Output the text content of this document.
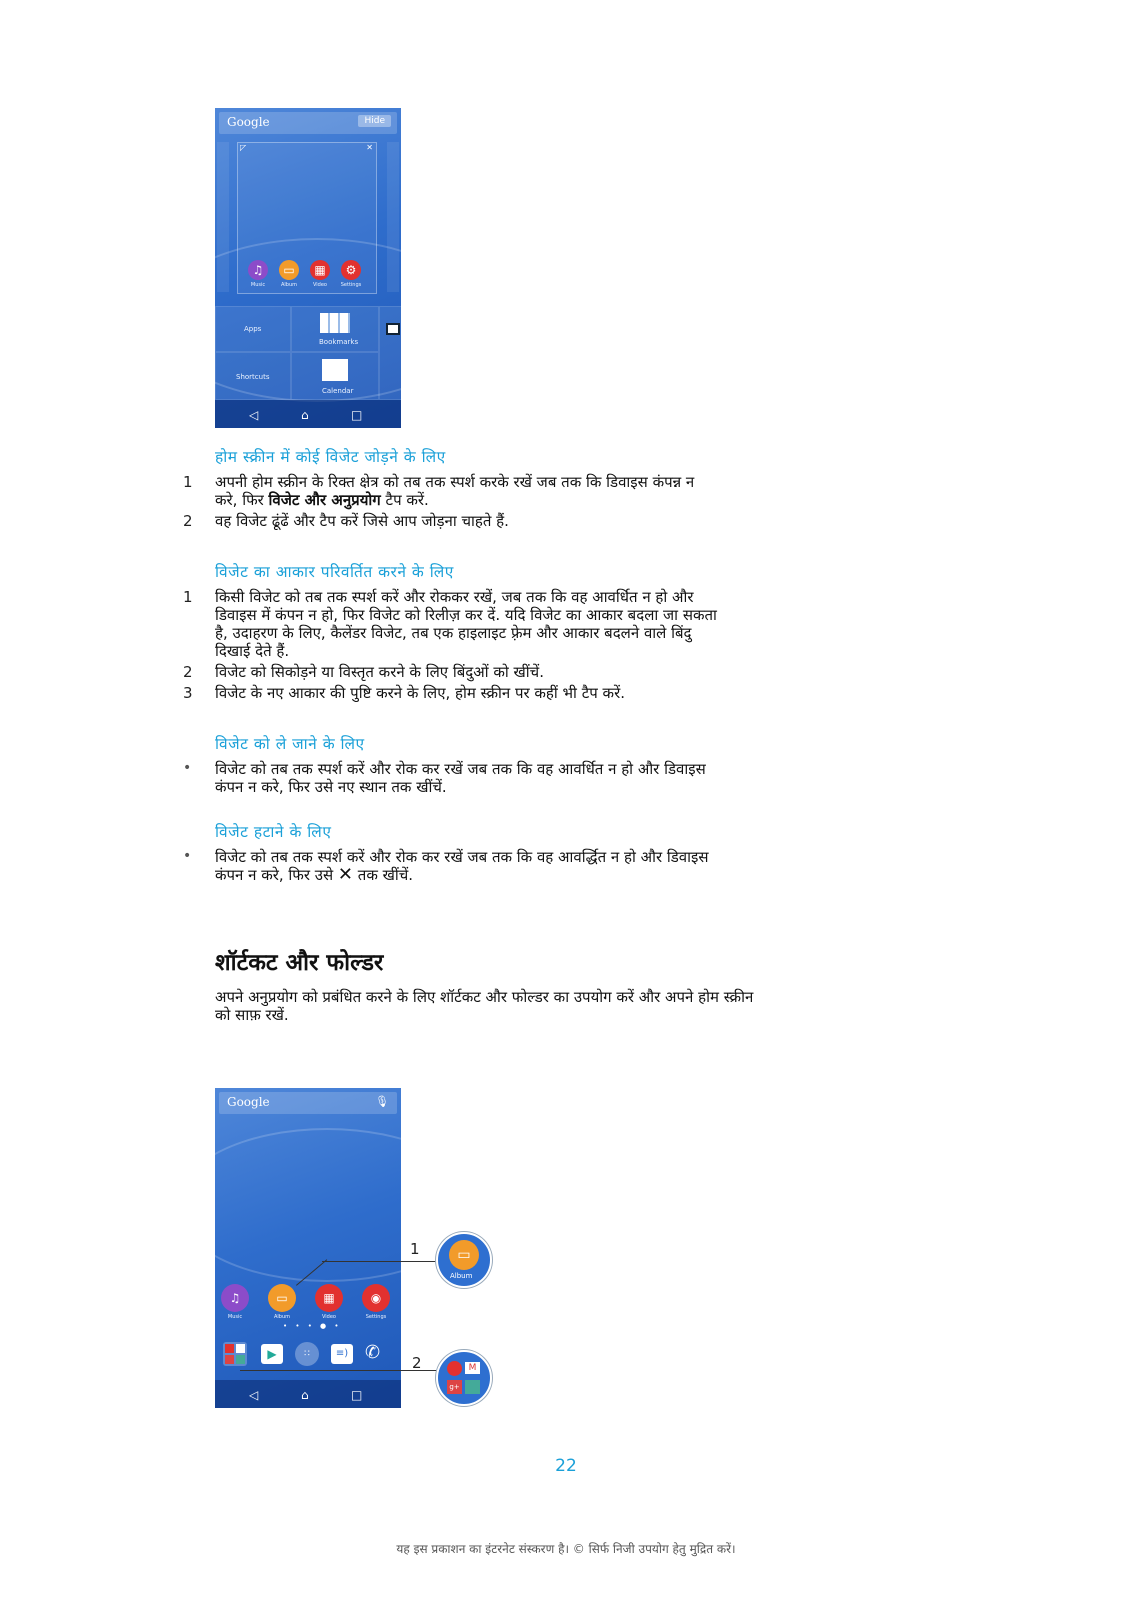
Google	Hide
◸	✕
♫
Music
▭
Album
▦
Video
⚙
Settings
Apps
Shortcuts
Bookmarks
Calendar
◁	⌂	□
होम स्क्रीन में कोई विजेट जोड़ने के लिए
1	अपनी होम स्क्रीन के रिक्त क्षेत्र को तब तक स्पर्श करके रखें जब तक कि डिवाइस कंपन्न न
करे, फिर विजेट और अनुप्रयोग टैप करें.
2	वह विजेट ढूंढें और टैप करें जिसे आप जोड़ना चाहते हैं.
विजेट का आकार परिवर्तित करने के लिए
1	किसी विजेट को तब तक स्पर्श करें और रोककर रखें, जब तक कि वह आवर्धित न हो और
डिवाइस में कंपन न हो, फिर विजेट को रिलीज़ कर दें. यदि विजेट का आकार बदला जा सकता
है, उदाहरण के लिए, कैलेंडर विजेट, तब एक हाइलाइट फ़्रेम और आकार बदलने वाले बिंदु
दिखाई देते हैं.
2	विजेट को सिकोड़ने या विस्तृत करने के लिए बिंदुओं को खींचें.
3	विजेट के नए आकार की पुष्टि करने के लिए, होम स्क्रीन पर कहीं भी टैप करें.
विजेट को ले जाने के लिए
• विजेट को तब तक स्पर्श करें और रोक कर रखें जब तक कि वह आवर्धित न हो और डिवाइस
कंपन न करे, फिर उसे नए स्थान तक खींचें.
विजेट हटाने के लिए
• विजेट को तब तक स्पर्श करें और रोक कर रखें जब तक कि वह आवर्द्धित न हो और डिवाइस
कंपन न करे, फिर उसे ✕ तक खींचें.
शॉर्टकट और फोल्डर
अपने अनुप्रयोग को प्रबंधित करने के लिए शॉर्टकट और फोल्डर का उपयोग करें और अपने होम स्क्रीन
को साफ़ रखें.
Google	🎙
♫
Music
▭
Album
▦
Video
◉
Settings
• • • ● •
▶	∷	≡) ✆
◁	⌂	□
1	▭
Album
2	M
g+
22
यह इस प्रकाशन का इंटरनेट संस्करण है। © सिर्फ निजी उपयोग हेतु मुद्रित करें।
